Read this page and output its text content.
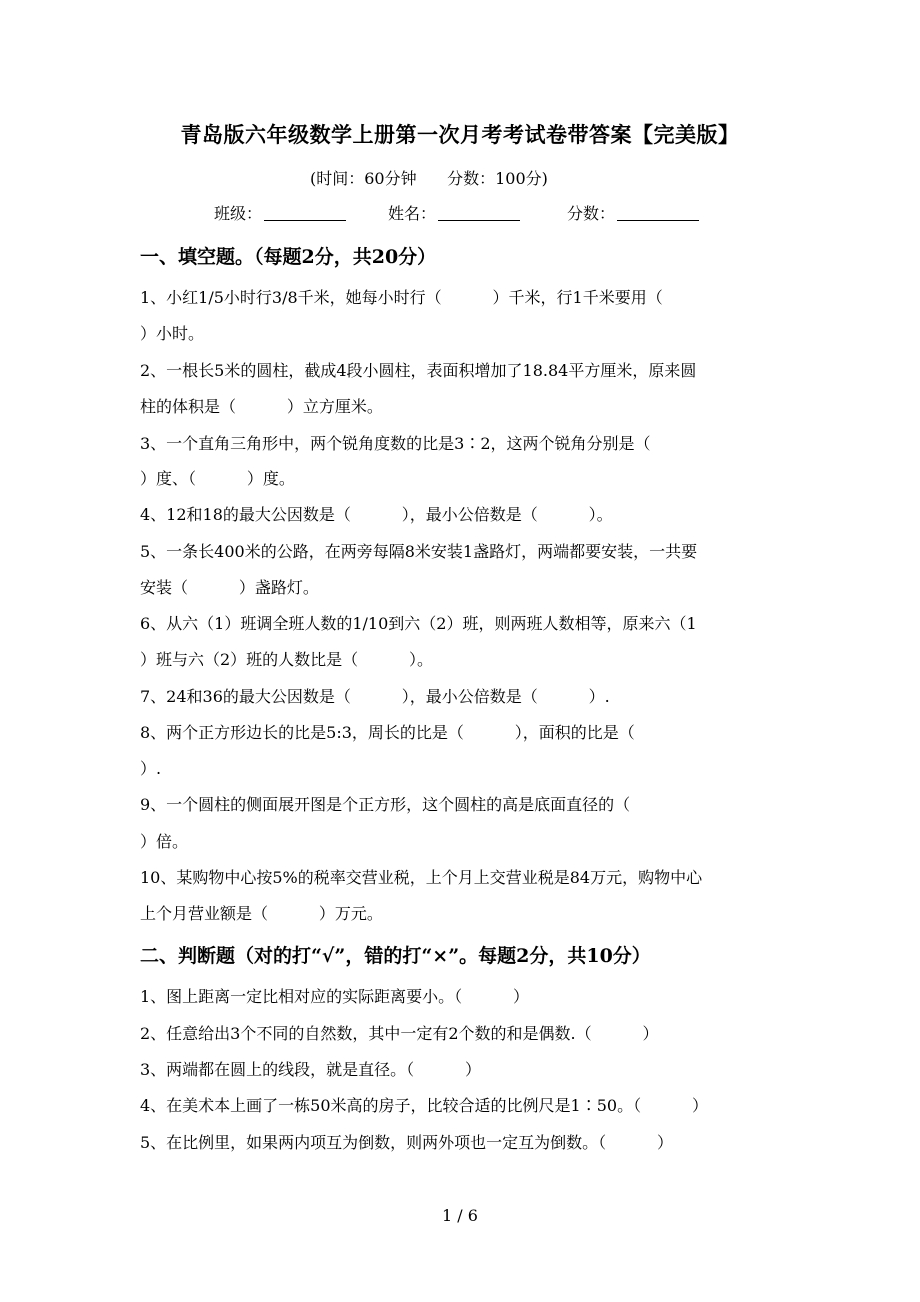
青岛版六年级数学上册第一次月考考试卷带答案【完美版】
(时间：60分钟      分数：100分)
班级：	姓名：	分数：
一、填空题。（每题2分，共20分）
1、小红1/5小时行3/8千米，她每小时行（          ）千米，行1千米要用（
）小时。
2、一根长5米的圆柱，截成4段小圆柱，表面积增加了18.84平方厘米，原来圆
柱的体积是（          ）立方厘米。
3、一个直角三角形中，两个锐角度数的比是3∶2，这两个锐角分别是（
）度、（          ）度。
4、12和18的最大公因数是（          ），最小公倍数是（          ）。
5、一条长400米的公路，在两旁每隔8米安装1盏路灯，两端都要安装，一共要
安装（          ）盏路灯。
6、从六（1）班调全班人数的1/10到六（2）班，则两班人数相等，原来六（1
）班与六（2）班的人数比是（          ）。
7、24和36的最大公因数是（          ），最小公倍数是（          ）.
8、两个正方形边长的比是5:3，周长的比是（          ），面积的比是（
）.
9、一个圆柱的侧面展开图是个正方形，这个圆柱的高是底面直径的（
）倍。
10、某购物中心按5%的税率交营业税，上个月上交营业税是84万元，购物中心
上个月营业额是（          ）万元。
二、判断题（对的打“√”，错的打“×”。每题2分，共10分）
1、图上距离一定比相对应的实际距离要小。（          ）
2、任意给出3个不同的自然数，其中一定有2个数的和是偶数.（          ）
3、两端都在圆上的线段，就是直径。（          ）
4、在美术本上画了一栋50米高的房子，比较合适的比例尺是1∶50。（          ）
5、在比例里，如果两内项互为倒数，则两外项也一定互为倒数。（          ）
1 / 6
